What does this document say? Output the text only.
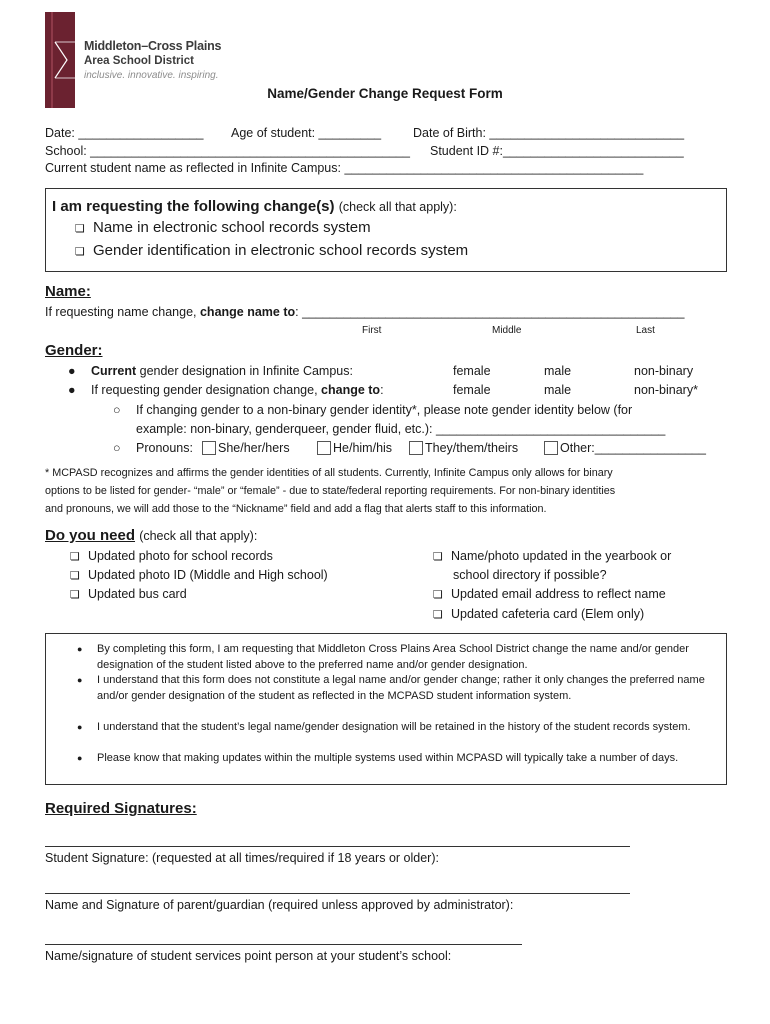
Middleton–Cross Plains
Area School District
inclusive. innovative. inspiring.
Name/Gender Change Request Form
Date: __________________ Age of student: _________	Date of Birth: ____________________________
School: ______________________________________________ Student ID #:__________________________
Current student name as reflected in Infinite Campus: ___________________________________________
I am requesting the following change(s) (check all that apply):
❏ Name in electronic school records system
❏ Gender identification in electronic school records system
Name:
If requesting name change, change name to: _______________________________________________________
First	Middle	Last
Gender:
● Current gender designation in Infinite Campus:	female	male	non-binary
● If requesting gender designation change, change to:	female	male	non-binary*
○ If changing gender to a non-binary gender identity*, please note gender identity below (for
example: non-binary, genderqueer, gender fluid, etc.): _________________________________
○ Pronouns:	She/her/hers	He/him/his	They/them/theirs	Other:________________
* MCPASD recognizes and affirms the gender identities of all students. Currently, Infinite Campus only allows for binary
options to be listed for gender- “male” or “female” - due to state/federal reporting requirements. For non-binary identities
and pronouns, we will add those to the “Nickname” field and add a flag that alerts staff to this information.
Do you need (check all that apply):
❏ Updated photo for school records
❏ Updated photo ID (Middle and High school)
❏ Updated bus card
❏ Name/photo updated in the yearbook or
school directory if possible?
❏ Updated email address to reflect name
❏ Updated cafeteria card (Elem only)
● By completing this form, I am requesting that Middleton Cross Plains Area School District change the name and/or gender designation of the student listed above to the preferred name and/or gender designation.
● I understand that this form does not constitute a legal name and/or gender change; rather it only changes the preferred name and/or gender designation of the student as reflected in the MCPASD student information system.
● I understand that the student’s legal name/gender designation will be retained in the history of the student records system.
● Please know that making updates within the multiple systems used within MCPASD will typically take a number of days.
Required Signatures:
Student Signature: (requested at all times/required if 18 years or older):
Name and Signature of parent/guardian (required unless approved by administrator):
Name/signature of student services point person at your student’s school:
